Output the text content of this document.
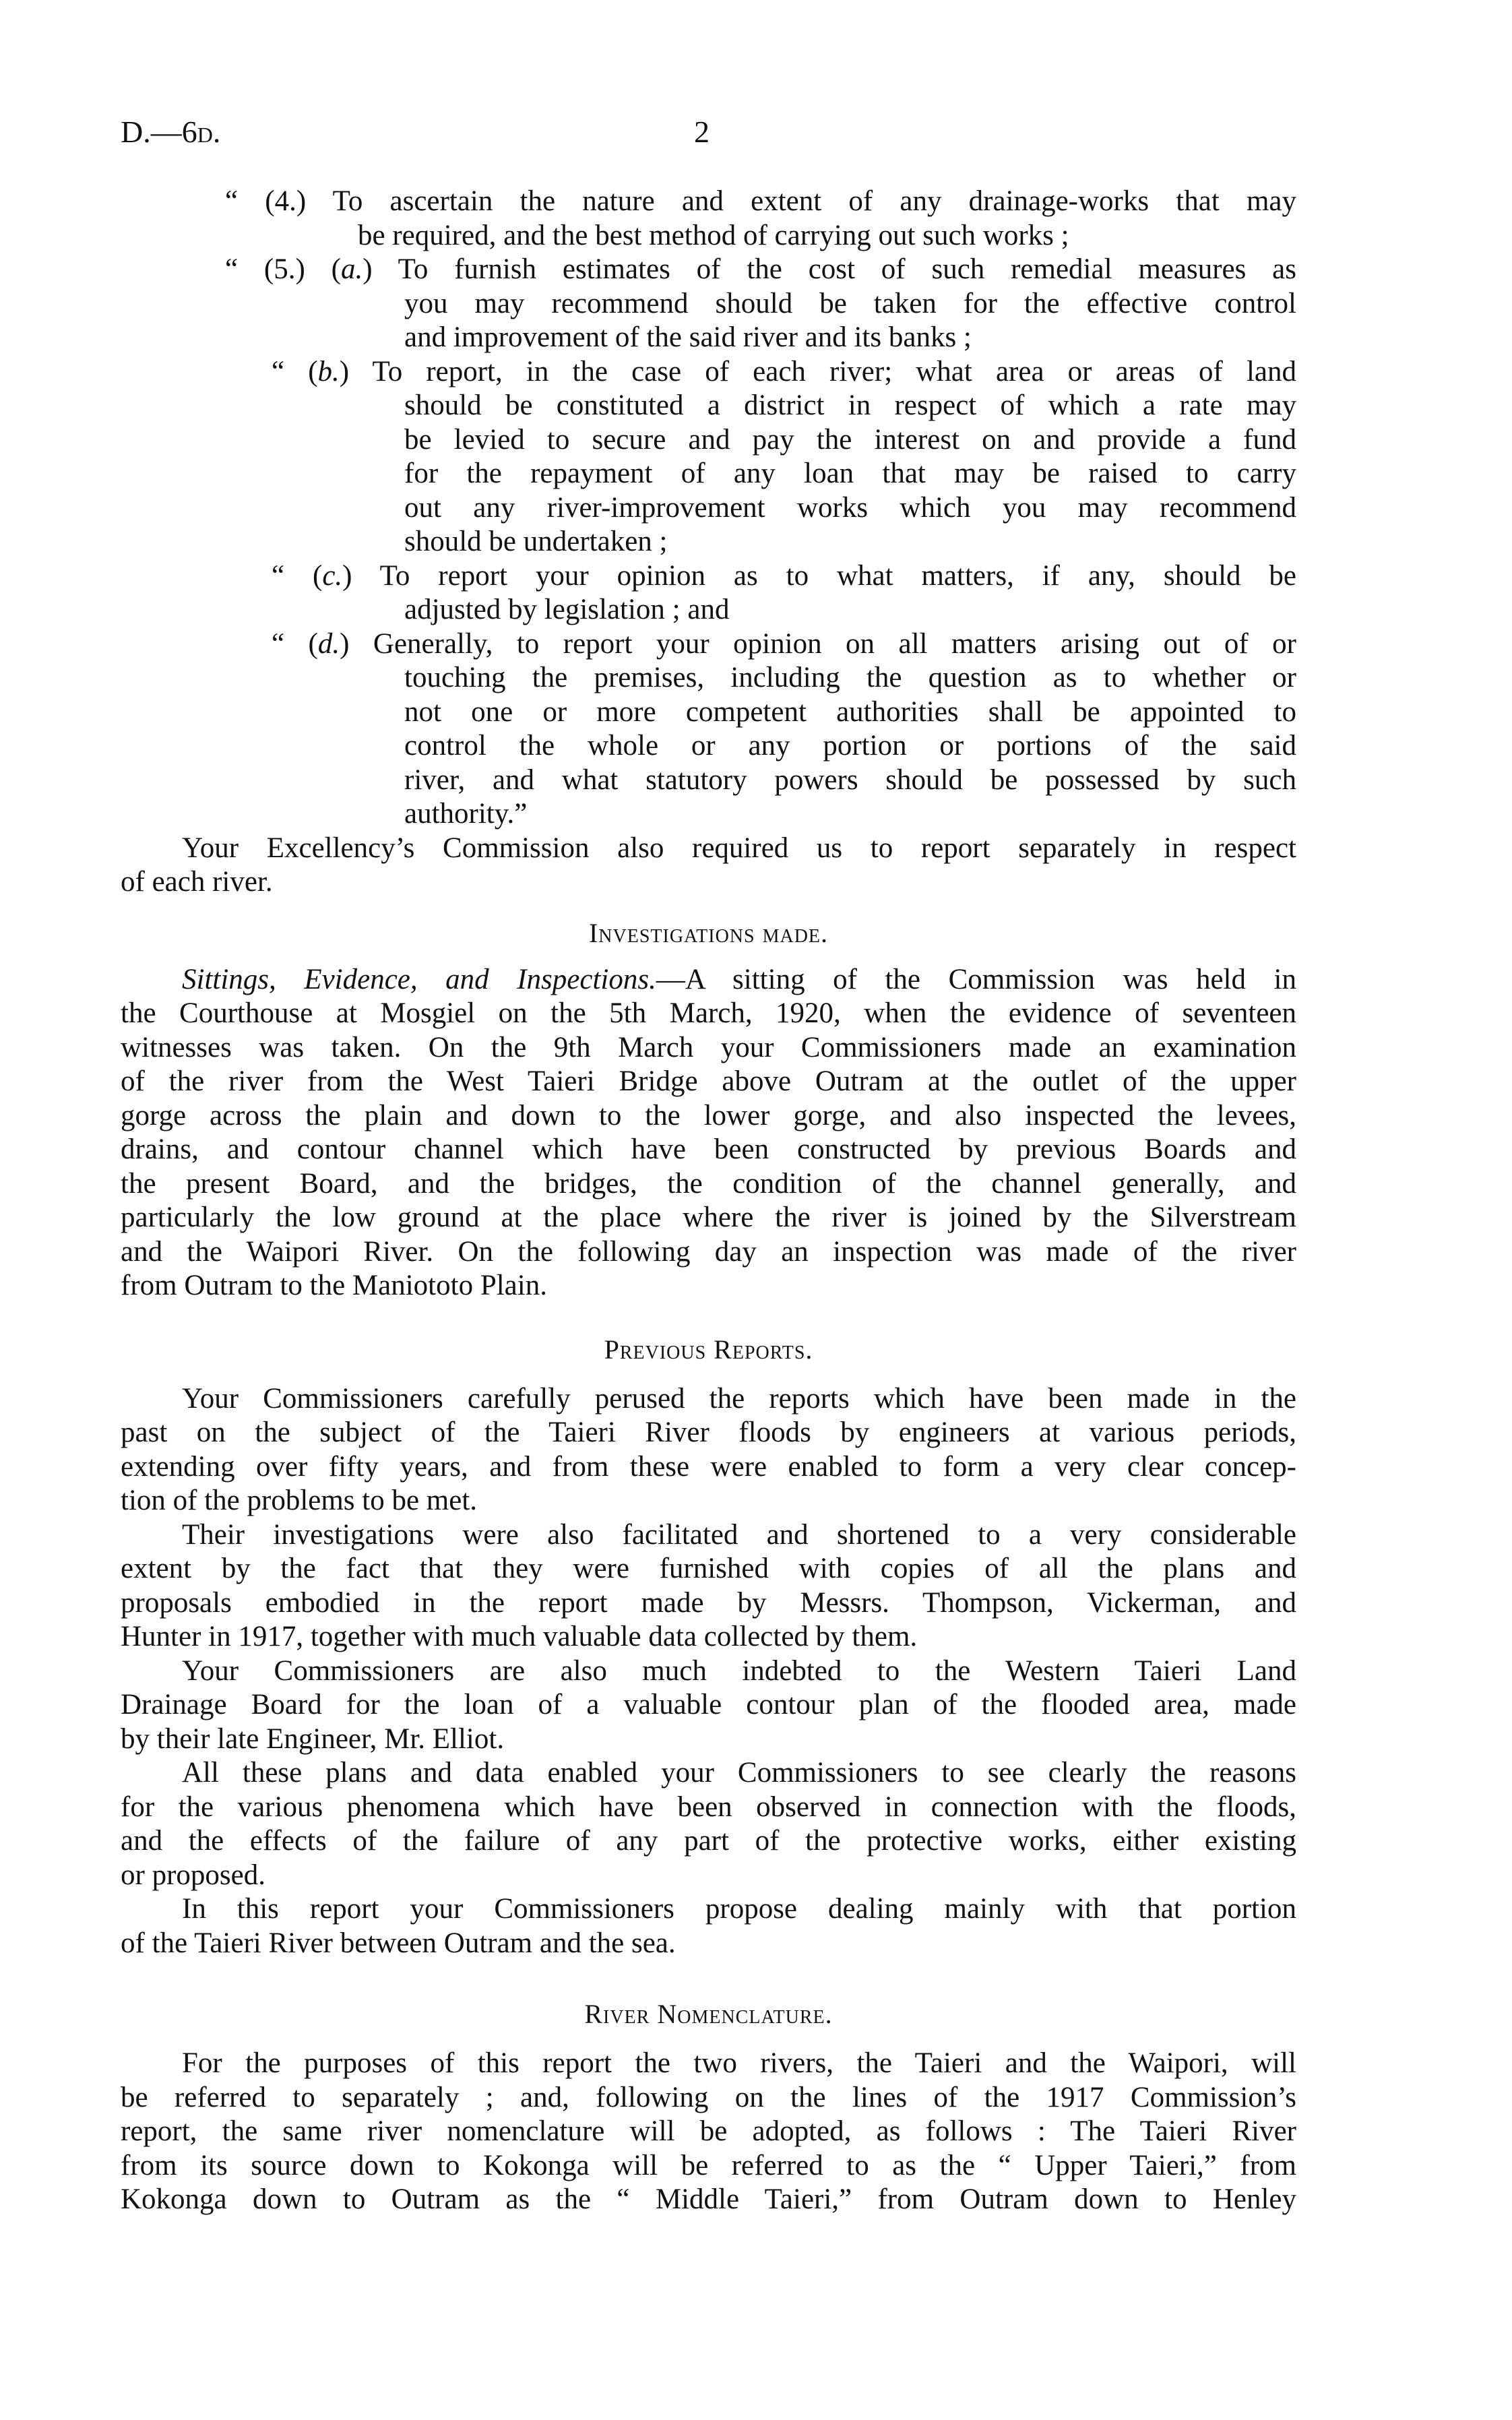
D.—6d.	2
“ (4.) To ascertain the nature and extent of any drainage-works that may
be required, and the best method of carrying out such works ;
“ (5.) (a.) To furnish estimates of the cost of such remedial measures as
you may recommend should be taken for the effective control
and improvement of the said river and its banks ;
“ (b.) To report, in the case of each river; what area or areas of land
should be constituted a district in respect of which a rate may
be levied to secure and pay the interest on and provide a fund
for the repayment of any loan that may be raised to carry
out any river-improvement works which you may recommend
should be undertaken ;
“ (c.) To report your opinion as to what matters, if any, should be
adjusted by legislation ; and
“ (d.) Generally, to report your opinion on all matters arising out of or
touching the premises, including the question as to whether or
not one or more competent authorities shall be appointed to
control the whole or any portion or portions of the said
river, and what statutory powers should be possessed by such
authority.”
Your Excellency’s Commission also required us to report separately in respect
of each river.
Investigations made.
Sittings, Evidence, and Inspections.—A sitting of the Commission was held in
the Courthouse at Mosgiel on the 5th March, 1920, when the evidence of seventeen
witnesses was taken. On the 9th March your Commissioners made an examination
of the river from the West Taieri Bridge above Outram at the outlet of the upper
gorge across the plain and down to the lower gorge, and also inspected the levees,
drains, and contour channel which have been constructed by previous Boards and
the present Board, and the bridges, the condition of the channel generally, and
particularly the low ground at the place where the river is joined by the Silverstream
and the Waipori River. On the following day an inspection was made of the river
from Outram to the Maniototo Plain.
Previous Reports.
Your Commissioners carefully perused the reports which have been made in the
past on the subject of the Taieri River floods by engineers at various periods,
extending over fifty years, and from these were enabled to form a very clear concep-
tion of the problems to be met.
Their investigations were also facilitated and shortened to a very considerable
extent by the fact that they were furnished with copies of all the plans and
proposals embodied in the report made by Messrs. Thompson, Vickerman, and
Hunter in 1917, together with much valuable data collected by them.
Your Commissioners are also much indebted to the Western Taieri Land
Drainage Board for the loan of a valuable contour plan of the flooded area, made
by their late Engineer, Mr. Elliot.
All these plans and data enabled your Commissioners to see clearly the reasons
for the various phenomena which have been observed in connection with the floods,
and the effects of the failure of any part of the protective works, either existing
or proposed.
In this report your Commissioners propose dealing mainly with that portion
of the Taieri River between Outram and the sea.
River Nomenclature.
For the purposes of this report the two rivers, the Taieri and the Waipori, will
be referred to separately ; and, following on the lines of the 1917 Commission’s
report, the same river nomenclature will be adopted, as follows : The Taieri River
from its source down to Kokonga will be referred to as the “ Upper Taieri,” from
Kokonga down to Outram as the “ Middle Taieri,” from Outram down to Henley
